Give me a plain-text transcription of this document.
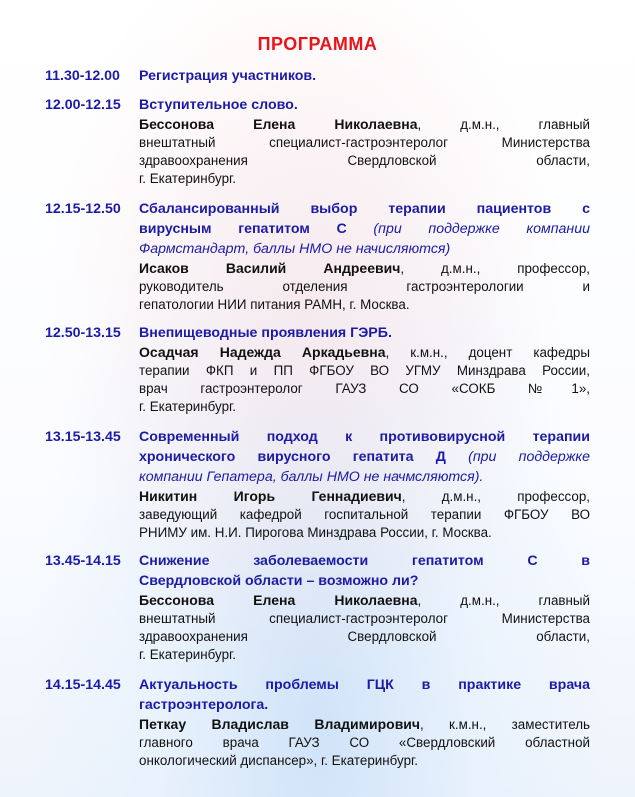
ПРОГРАММА
11.30-12.00	Регистрация участников.

12.00-12.15	Вступительное слово.

Бессонова Елена Николаевна, д.м.н., главный
внештатный специалист-гастроэнтеролог Министерства
здравоохранения Свердловской области,
г. Екатеринбург.

12.15-12.50	Сбалансированный выбор терапии пациентов с
вирусным гепатитом С (при поддержке компании
Фармстандарт, баллы НМО не начисляются)

Исаков Василий Андреевич, д.м.н., профессор,
руководитель отделения гастроэнтерологии и
гепатологии НИИ питания РАМН, г. Москва.

12.50-13.15	Внепищеводные проявления ГЭРБ.

Осадчая Надежда Аркадьевна, к.м.н., доцент кафедры
терапии ФКП и ПП ФГБОУ ВО УГМУ Минздрава России,
врач гастроэнтеролог ГАУЗ СО «СОКБ №1»,
г. Екатеринбург.

13.15-13.45	Современный подход к противовирусной терапии
хронического вирусного гепатита Д (при поддержке
компании Гепатера, баллы НМО не начмсляются).

Никитин Игорь Геннадиевич, д.м.н., профессор,
заведующий кафедрой госпитальной терапии ФГБОУ ВО
РНИМУ им. Н.И. Пирогова Минздрава России, г. Москва.

13.45-14.15	Снижение заболеваемости гепатитом С в
Свердловской области – возможно ли?

Бессонова Елена Николаевна, д.м.н., главный
внештатный специалист-гастроэнтеролог Министерства
здравоохранения Свердловской области,
г. Екатеринбург.

14.15-14.45	Актуальность проблемы ГЦК в практике врача
гастроэнтеролога.

Петкау Владислав Владимирович, к.м.н., заместитель
главного врача ГАУЗ СО «Свердловский областной
онкологический диспансер», г. Екатеринбург.
